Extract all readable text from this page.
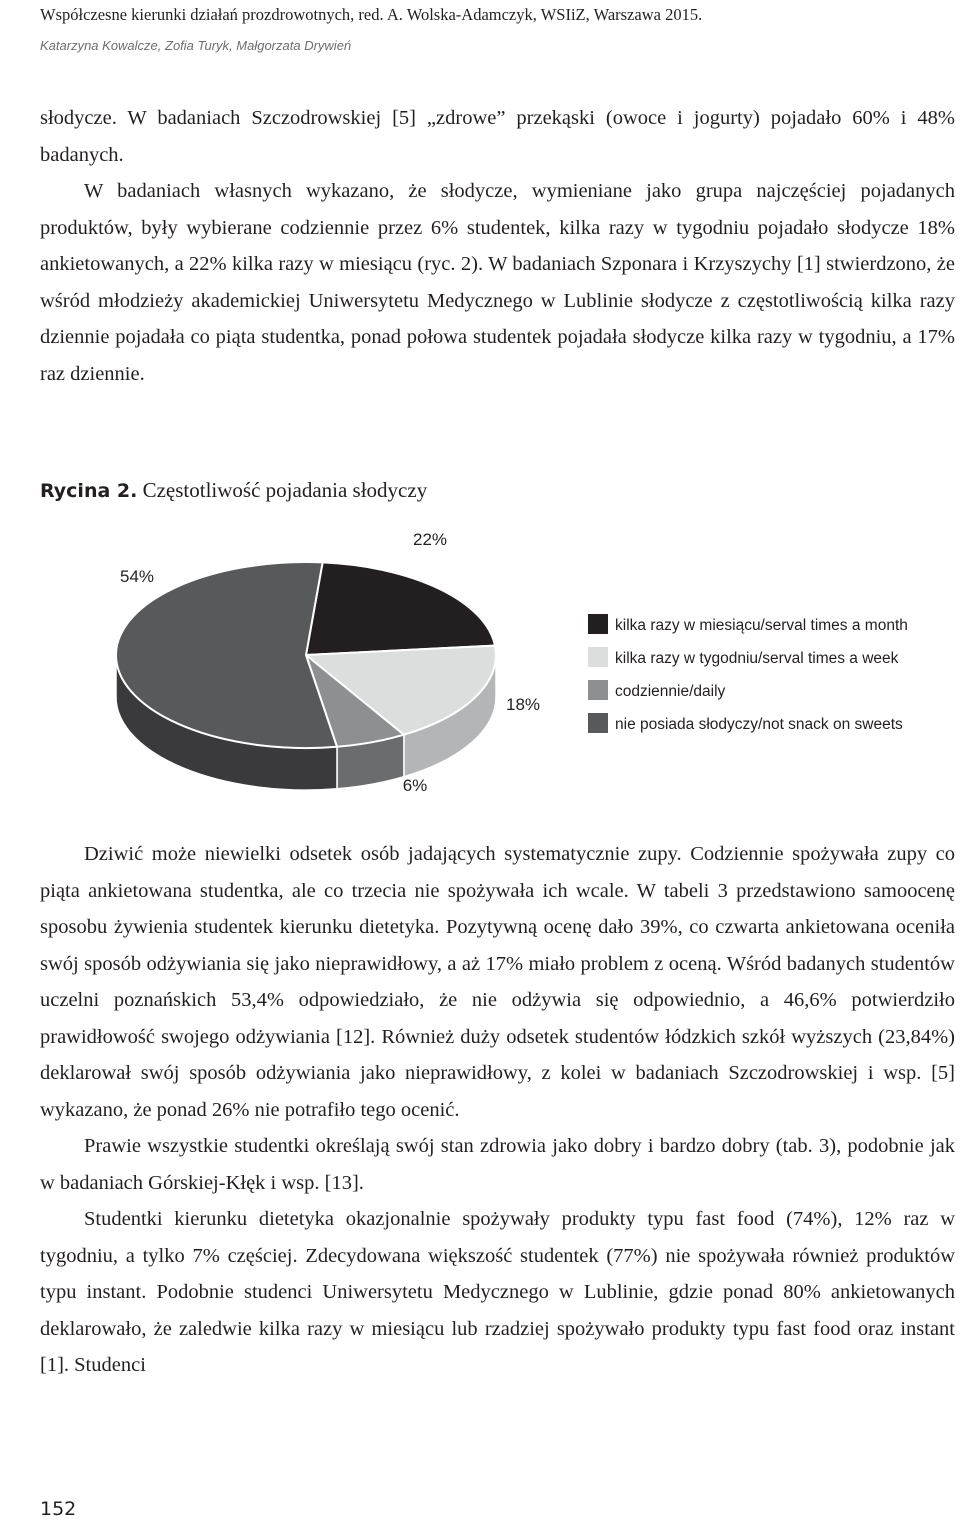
Współczesne kierunki działań prozdrowotnych, red. A. Wolska-Adamczyk, WSIiZ, Warszawa 2015.
Katarzyna Kowalcze, Zofia Turyk, Małgorzata Drywień

słodycze. W badaniach Szczodrowskiej [5] „zdrowe” przekąski (owoce i jogurty) pojadało 60% i 48% badanych.

W badaniach własnych wykazano, że słodycze, wymieniane jako grupa najczęściej pojadanych produktów, były wybierane codziennie przez 6% studentek, kilka razy w tygodniu pojadało słodycze 18% ankietowanych, a 22% kilka razy w miesiącu (ryc. 2). W badaniach Szponara i Krzyszychy [1] stwierdzono, że wśród młodzieży akademickiej Uniwersytetu Medycznego w Lublinie słodycze z częstotliwością kilka razy dziennie pojadała co piąta studentka, ponad połowa studentek pojadała słodycze kilka razy w tygodniu, a 17% raz dziennie.

Rycina 2. Częstotliwość pojadania słodyczy
22%
18%
6%
54%
kilka razy w miesiącu/serval times a month
kilka razy w tygodniu/serval times a week
codziennie/daily
nie posiada słodyczy/not snack on sweets

Dziwić może niewielki odsetek osób jadających systematycznie zupy. Codziennie spożywała zupy co piąta ankietowana studentka, ale co trzecia nie spożywała ich wcale. W tabeli 3 przedstawiono samoocenę sposobu żywienia studentek kierunku dietetyka. Pozytywną ocenę dało 39%, co czwarta ankietowana oceniła swój sposób odżywiania się jako nieprawidłowy, a aż 17% miało problem z oceną. Wśród badanych studentów uczelni poznańskich 53,4% odpowiedziało, że nie odżywia się odpowiednio, a 46,6% potwierdziło prawidłowość swojego odżywiania [12]. Również duży odsetek studentów łódzkich szkół wyższych (23,84%) deklarował swój sposób odżywiania jako nieprawidłowy, z kolei w badaniach Szczodrowskiej i wsp. [5] wykazano, że ponad 26% nie potrafiło tego ocenić.

Prawie wszystkie studentki określają swój stan zdrowia jako dobry i bardzo dobry (tab. 3), podobnie jak w badaniach Górskiej-Kłęk i wsp. [13].

Studentki kierunku dietetyka okazjonalnie spożywały produkty typu fast food (74%), 12% raz w tygodniu, a tylko 7% częściej. Zdecydowana większość studentek (77%) nie spożywała również produktów typu instant. Podobnie studenci Uniwersytetu Medycznego w Lublinie, gdzie ponad 80% ankietowanych deklarowało, że zaledwie kilka razy w miesiącu lub rzadziej spożywało produkty typu fast food oraz instant [1]. Studenci

152
